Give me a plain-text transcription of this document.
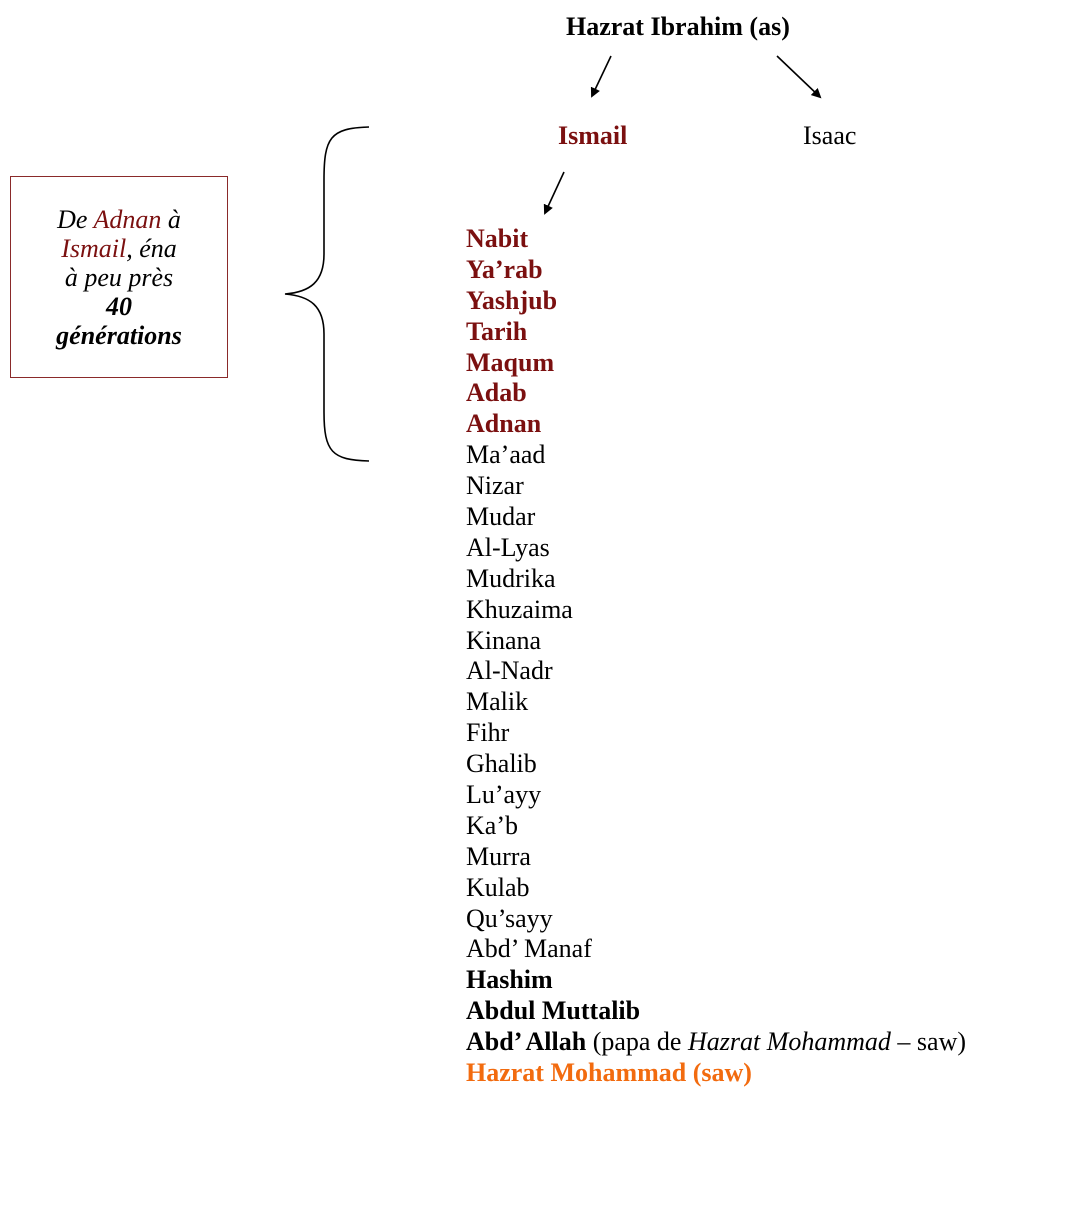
Hazrat Ibrahim (as)
Ismail	Isaac
De Adnan à
Ismail, éna
à peu près
40
générations
Nabit
Ya’rab
Yashjub
Tarih
Maqum
Adab
Adnan
Ma’aad
Nizar
Mudar
Al-Lyas
Mudrika
Khuzaima
Kinana
Al-Nadr
Malik
Fihr
Ghalib
Lu’ayy
Ka’b
Murra
Kulab
Qu’sayy
Abd’ Manaf
Hashim
Abdul Muttalib
Abd’ Allah (papa de Hazrat Mohammad – saw)
Hazrat Mohammad (saw)
